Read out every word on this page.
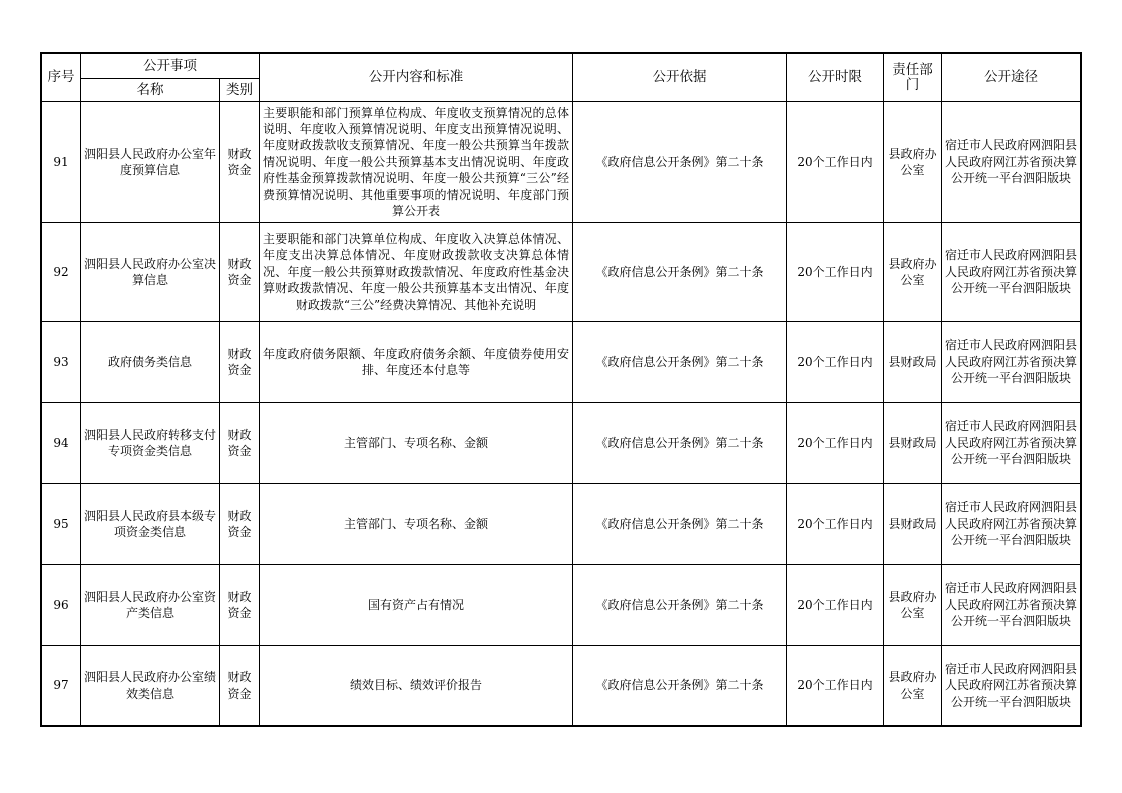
序号	公开事项		公开内容和标准	公开依据	公开时限	责任部门	公开途径
	名称	类别					
91	泗阳县人民政府办公室年度预算信息	财政资金	主要职能和部门预算单位构成、年度收支预算情况的总体说明、年度收入预算情况说明、年度支出预算情况说明、年度财政拨款收支预算情况、年度一般公共预算当年拨款情况说明、年度一般公共预算基本支出情况说明、年度政府性基金预算拨款情况说明、年度一般公共预算“三公”经费预算情况说明、其他重要事项的情况说明、年度部门预算公开表	《政府信息公开条例》第二十条	20个工作日内	县政府办公室	宿迁市人民政府网泗阳县人民政府网江苏省预决算公开统一平台泗阳版块
92	泗阳县人民政府办公室决算信息	财政资金	主要职能和部门决算单位构成、年度收入决算总体情况、年度支出决算总体情况、年度财政拨款收支决算总体情况、年度一般公共预算财政拨款情况、年度政府性基金决算财政拨款情况、年度一般公共预算基本支出情况、年度财政拨款“三公”经费决算情况、其他补充说明	《政府信息公开条例》第二十条	20个工作日内	县政府办公室	宿迁市人民政府网泗阳县人民政府网江苏省预决算公开统一平台泗阳版块
93	政府债务类信息	财政资金	年度政府债务限额、年度政府债务余额、年度债券使用安排、年度还本付息等	《政府信息公开条例》第二十条	20个工作日内	县财政局	宿迁市人民政府网泗阳县人民政府网江苏省预决算公开统一平台泗阳版块
94	泗阳县人民政府转移支付专项资金类信息	财政资金	主管部门、专项名称、金额	《政府信息公开条例》第二十条	20个工作日内	县财政局	宿迁市人民政府网泗阳县人民政府网江苏省预决算公开统一平台泗阳版块
95	泗阳县人民政府县本级专项资金类信息	财政资金	主管部门、专项名称、金额	《政府信息公开条例》第二十条	20个工作日内	县财政局	宿迁市人民政府网泗阳县人民政府网江苏省预决算公开统一平台泗阳版块
96	泗阳县人民政府办公室资产类信息	财政资金	国有资产占有情况	《政府信息公开条例》第二十条	20个工作日内	县政府办公室	宿迁市人民政府网泗阳县人民政府网江苏省预决算公开统一平台泗阳版块
97	泗阳县人民政府办公室绩效类信息	财政资金	绩效目标、绩效评价报告	《政府信息公开条例》第二十条	20个工作日内	县政府办公室	宿迁市人民政府网泗阳县人民政府网江苏省预决算公开统一平台泗阳版块
